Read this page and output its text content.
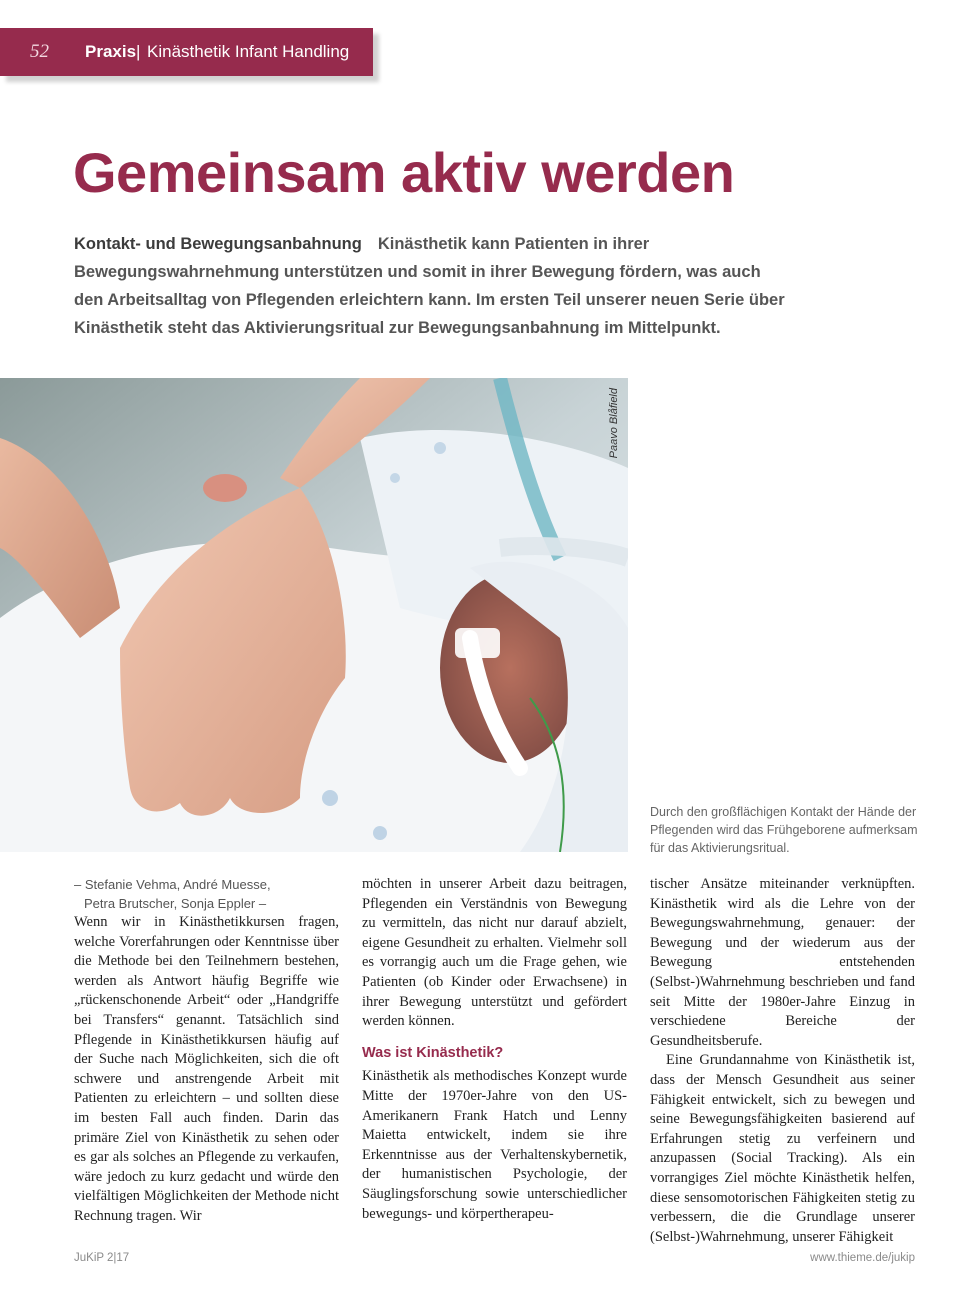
52 Praxis | Kinästhetik Infant Handling
Gemeinsam aktiv werden

Kontakt- und Bewegungsanbahnung Kinästhetik kann Patienten in ihrer Bewegungswahrnehmung unterstützen und somit in ihrer Bewegung fördern, was auch den Arbeitsalltag von Pflegenden erleichtern kann. Im ersten Teil unserer neuen Serie über Kinästhetik steht das Aktivierungsritual zur Bewegungsanbahnung im Mittelpunkt.

Paavo Blåfield

Durch den großflächigen Kontakt der Hände der Pflegenden wird das Frühgeborene aufmerksam für das Aktivierungsritual.

– Stefanie Vehma, André Muesse,
Petra Brutscher, Sonja Eppler –

Wenn wir in Kinästhetikkursen fragen, welche Vorerfahrungen oder Kenntnisse über die Methode bei den Teilnehmern bestehen, werden als Antwort häufig Begriffe wie „rückenschonende Arbeit“ oder „Handgriffe bei Transfers“ genannt. Tatsächlich sind Pflegende in Kinästhetikkursen häufig auf der Suche nach Möglichkeiten, sich die oft schwere und anstrengende Arbeit mit Patienten zu erleichtern – und sollten diese im besten Fall auch finden. Darin das primäre Ziel von Kinästhetik zu sehen oder es gar als solches an Pflegende zu verkaufen, wäre jedoch zu kurz gedacht und würde den vielfältigen Möglichkeiten der Methode nicht Rechnung tragen. Wir

möchten in unserer Arbeit dazu beitragen, Pflegenden ein Verständnis von Bewegung zu vermitteln, das nicht nur darauf abzielt, eigene Gesundheit zu erhalten. Vielmehr soll es vorrangig auch um die Frage gehen, wie Patienten (ob Kinder oder Erwachsene) in ihrer Bewegung unterstützt und gefördert werden können.

Was ist Kinästhetik?

Kinästhetik als methodisches Konzept wurde Mitte der 1970er-Jahre von den US-Amerikanern Frank Hatch und Lenny Maietta entwickelt, indem sie ihre Erkenntnisse aus der Verhaltenskybernetik, der humanistischen Psychologie, der Säuglingsforschung sowie unterschiedlicher bewegungs- und körpertherapeu-

tischer Ansätze miteinander verknüpften. Kinästhetik wird als die Lehre von der Bewegungswahrnehmung, genauer: der Bewegung und der wiederum aus der Bewegung entstehenden (Selbst-)Wahrnehmung beschrieben und fand seit Mitte der 1980er-Jahre Einzug in verschiedene Bereiche der Gesundheitsberufe.

Eine Grundannahme von Kinästhetik ist, dass der Mensch Gesundheit aus seiner Fähigkeit entwickelt, sich zu bewegen und seine Bewegungsfähigkeiten basierend auf Erfahrungen stetig zu verfeinern und anzupassen (Social Tracking). Als ein vorrangiges Ziel möchte Kinästhetik helfen, diese sensomotorischen Fähigkeiten stetig zu verbessern, die die Grundlage unserer (Selbst-)Wahrnehmung, unserer Fähigkeit

JuKiP 2|17	www.thieme.de/jukip
